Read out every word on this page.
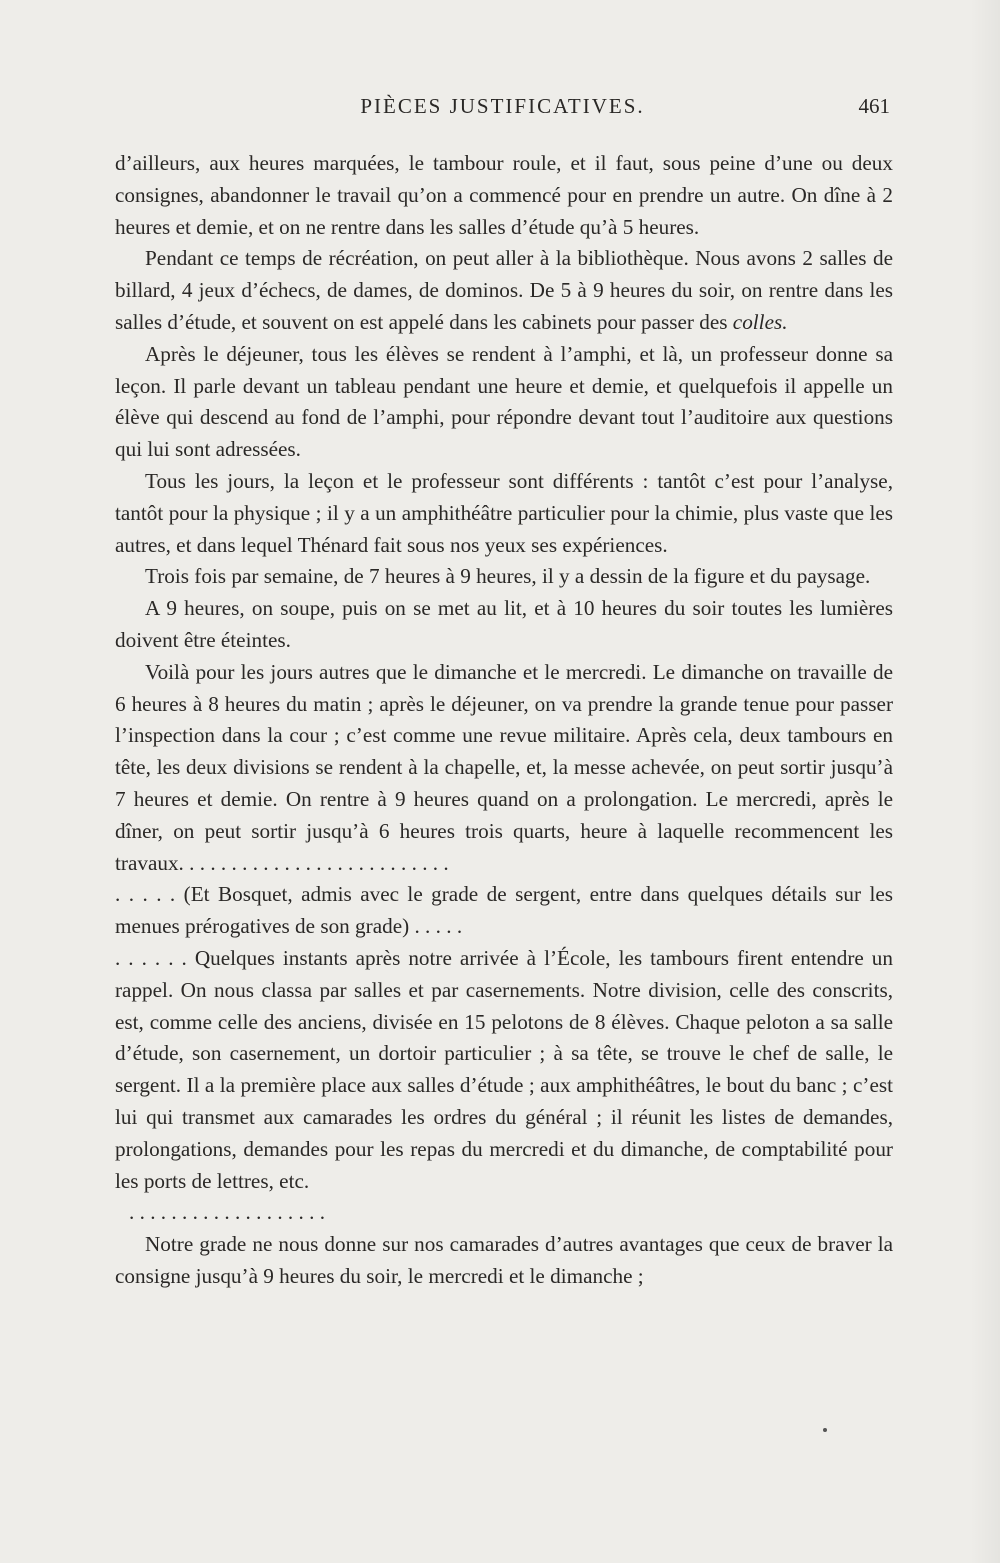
PIÈCES JUSTIFICATIVES.	461

d’ailleurs, aux heures marquées, le tambour roule, et il faut, sous peine d’une ou deux consignes, abandonner le travail qu’on a commencé pour en prendre un autre. On dîne à 2 heures et demie, et on ne rentre dans les salles d’étude qu’à 5 heures.

Pendant ce temps de récréation, on peut aller à la bibliothèque. Nous avons 2 salles de billard, 4 jeux d’échecs, de dames, de dominos. De 5 à 9 heures du soir, on rentre dans les salles d’étude, et souvent on est appelé dans les cabinets pour passer des colles.

Après le déjeuner, tous les élèves se rendent à l’amphi, et là, un professeur donne sa leçon. Il parle devant un tableau pendant une heure et demie, et quelquefois il appelle un élève qui descend au fond de l’amphi, pour répondre devant tout l’auditoire aux questions qui lui sont adressées.

Tous les jours, la leçon et le professeur sont différents : tantôt c’est pour l’analyse, tantôt pour la physique ; il y a un amphithéâtre particulier pour la chimie, plus vaste que les autres, et dans lequel Thénard fait sous nos yeux ses expériences.

Trois fois par semaine, de 7 heures à 9 heures, il y a dessin de la figure et du paysage.

A 9 heures, on soupe, puis on se met au lit, et à 10 heures du soir toutes les lumières doivent être éteintes.

Voilà pour les jours autres que le dimanche et le mercredi. Le dimanche on travaille de 6 heures à 8 heures du matin ; après le déjeuner, on va prendre la grande tenue pour passer l’inspection dans la cour ; c’est comme une revue militaire. Après cela, deux tambours en tête, les deux divisions se rendent à la chapelle, et, la messe achevée, on peut sortir jusqu’à 7 heures et demie. On rentre à 9 heures quand on a prolongation. Le mercredi, après le dîner, on peut sortir jusqu’à 6 heures trois quarts, heure à laquelle recommencent les travaux. . . . . . . . . . . . . . . . . . . . . . . . . .

. . . . . (Et Bosquet, admis avec le grade de sergent, entre dans quelques détails sur les menues prérogatives de son grade) . . . . .

. . . . . . Quelques instants après notre arrivée à l’École, les tambours firent entendre un rappel. On nous classa par salles et par casernements. Notre division, celle des conscrits, est, comme celle des anciens, divisée en 15 pelotons de 8 élèves. Chaque peloton a sa salle d’étude, son casernement, un dortoir particulier ; à sa tête, se trouve le chef de salle, le sergent. Il a la première place aux salles d’étude ; aux amphithéâtres, le bout du banc ; c’est lui qui transmet aux camarades les ordres du général ; il réunit les listes de demandes, prolongations, demandes pour les repas du mercredi et du dimanche, de comptabilité pour les ports de lettres, etc.

. . . . . . . . . . . . . . . . . . .

Notre grade ne nous donne sur nos camarades d’autres avantages que ceux de braver la consigne jusqu’à 9 heures du soir, le mercredi et le dimanche ;
